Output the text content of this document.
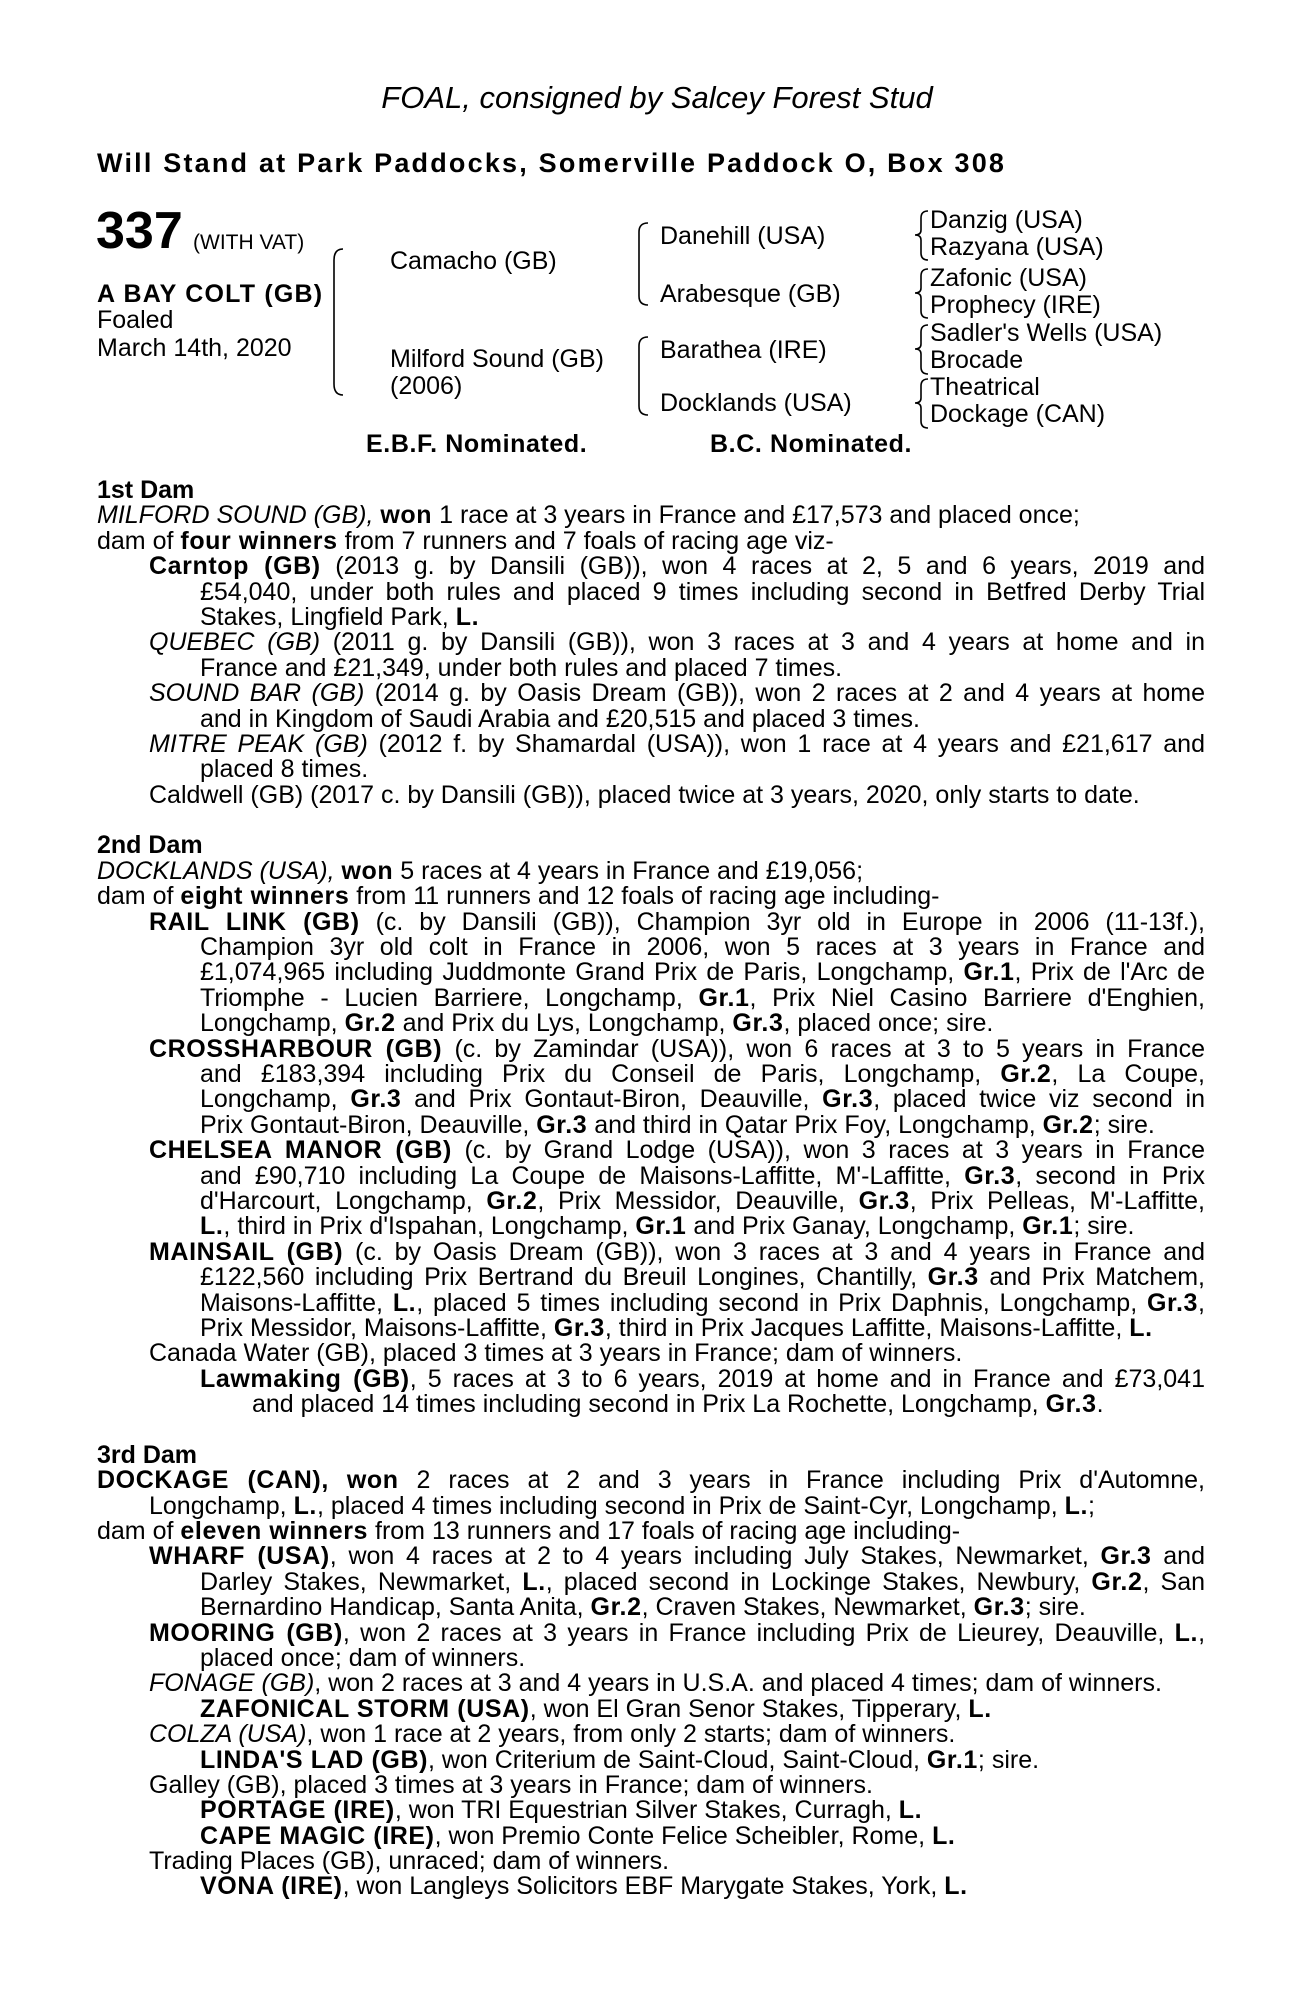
FOAL, consigned by Salcey Forest Stud
Will Stand at Park Paddocks, Somerville Paddock O, Box 308
337 (WITH VAT)
A BAY COLT (GB)
Foaled
March 14th, 2020
Camacho (GB)
Milford Sound (GB)
(2006)
Danehill (USA)
Arabesque (GB)
Barathea (IRE)
Docklands (USA)
Danzig (USA)
Razyana (USA)
Zafonic (USA)
Prophecy (IRE)
Sadler's Wells (USA)
Brocade
Theatrical
Dockage (CAN)
E.B.F. Nominated.	B.C. Nominated.
1st Dam
MILFORD SOUND (GB), won 1 race at 3 years in France and £17,573 and placed once;
dam of four winners from 7 runners and 7 foals of racing age viz-
Carntop (GB) (2013 g. by Dansili (GB)), won 4 races at 2, 5 and 6 years, 2019 and
£54,040, under both rules and placed 9 times including second in Betfred Derby Trial
Stakes, Lingfield Park, L.
QUEBEC (GB) (2011 g. by Dansili (GB)), won 3 races at 3 and 4 years at home and in
France and £21,349, under both rules and placed 7 times.
SOUND BAR (GB) (2014 g. by Oasis Dream (GB)), won 2 races at 2 and 4 years at home
and in Kingdom of Saudi Arabia and £20,515 and placed 3 times.
MITRE PEAK (GB) (2012 f. by Shamardal (USA)), won 1 race at 4 years and £21,617 and
placed 8 times.
Caldwell (GB) (2017 c. by Dansili (GB)), placed twice at 3 years, 2020, only starts to date.
2nd Dam
DOCKLANDS (USA), won 5 races at 4 years in France and £19,056;
dam of eight winners from 11 runners and 12 foals of racing age including-
RAIL LINK (GB) (c. by Dansili (GB)), Champion 3yr old in Europe in 2006 (11-13f.),
Champion 3yr old colt in France in 2006, won 5 races at 3 years in France and
£1,074,965 including Juddmonte Grand Prix de Paris, Longchamp, Gr.1, Prix de l'Arc de
Triomphe - Lucien Barriere, Longchamp, Gr.1, Prix Niel Casino Barriere d'Enghien,
Longchamp, Gr.2 and Prix du Lys, Longchamp, Gr.3, placed once; sire.
CROSSHARBOUR (GB) (c. by Zamindar (USA)), won 6 races at 3 to 5 years in France
and £183,394 including Prix du Conseil de Paris, Longchamp, Gr.2, La Coupe,
Longchamp, Gr.3 and Prix Gontaut-Biron, Deauville, Gr.3, placed twice viz second in
Prix Gontaut-Biron, Deauville, Gr.3 and third in Qatar Prix Foy, Longchamp, Gr.2; sire.
CHELSEA MANOR (GB) (c. by Grand Lodge (USA)), won 3 races at 3 years in France
and £90,710 including La Coupe de Maisons-Laffitte, M'-Laffitte, Gr.3, second in Prix
d'Harcourt, Longchamp, Gr.2, Prix Messidor, Deauville, Gr.3, Prix Pelleas, M'-Laffitte,
L., third in Prix d'Ispahan, Longchamp, Gr.1 and Prix Ganay, Longchamp, Gr.1; sire.
MAINSAIL (GB) (c. by Oasis Dream (GB)), won 3 races at 3 and 4 years in France and
£122,560 including Prix Bertrand du Breuil Longines, Chantilly, Gr.3 and Prix Matchem,
Maisons-Laffitte, L., placed 5 times including second in Prix Daphnis, Longchamp, Gr.3,
Prix Messidor, Maisons-Laffitte, Gr.3, third in Prix Jacques Laffitte, Maisons-Laffitte, L.
Canada Water (GB), placed 3 times at 3 years in France; dam of winners.
Lawmaking (GB), 5 races at 3 to 6 years, 2019 at home and in France and £73,041
and placed 14 times including second in Prix La Rochette, Longchamp, Gr.3.
3rd Dam
DOCKAGE (CAN), won 2 races at 2 and 3 years in France including Prix d'Automne,
Longchamp, L., placed 4 times including second in Prix de Saint-Cyr, Longchamp, L.;
dam of eleven winners from 13 runners and 17 foals of racing age including-
WHARF (USA), won 4 races at 2 to 4 years including July Stakes, Newmarket, Gr.3 and
Darley Stakes, Newmarket, L., placed second in Lockinge Stakes, Newbury, Gr.2, San
Bernardino Handicap, Santa Anita, Gr.2, Craven Stakes, Newmarket, Gr.3; sire.
MOORING (GB), won 2 races at 3 years in France including Prix de Lieurey, Deauville, L.,
placed once; dam of winners.
FONAGE (GB), won 2 races at 3 and 4 years in U.S.A. and placed 4 times; dam of winners.
ZAFONICAL STORM (USA), won El Gran Senor Stakes, Tipperary, L.
COLZA (USA), won 1 race at 2 years, from only 2 starts; dam of winners.
LINDA'S LAD (GB), won Criterium de Saint-Cloud, Saint-Cloud, Gr.1; sire.
Galley (GB), placed 3 times at 3 years in France; dam of winners.
PORTAGE (IRE), won TRI Equestrian Silver Stakes, Curragh, L.
CAPE MAGIC (IRE), won Premio Conte Felice Scheibler, Rome, L.
Trading Places (GB), unraced; dam of winners.
VONA (IRE), won Langleys Solicitors EBF Marygate Stakes, York, L.
